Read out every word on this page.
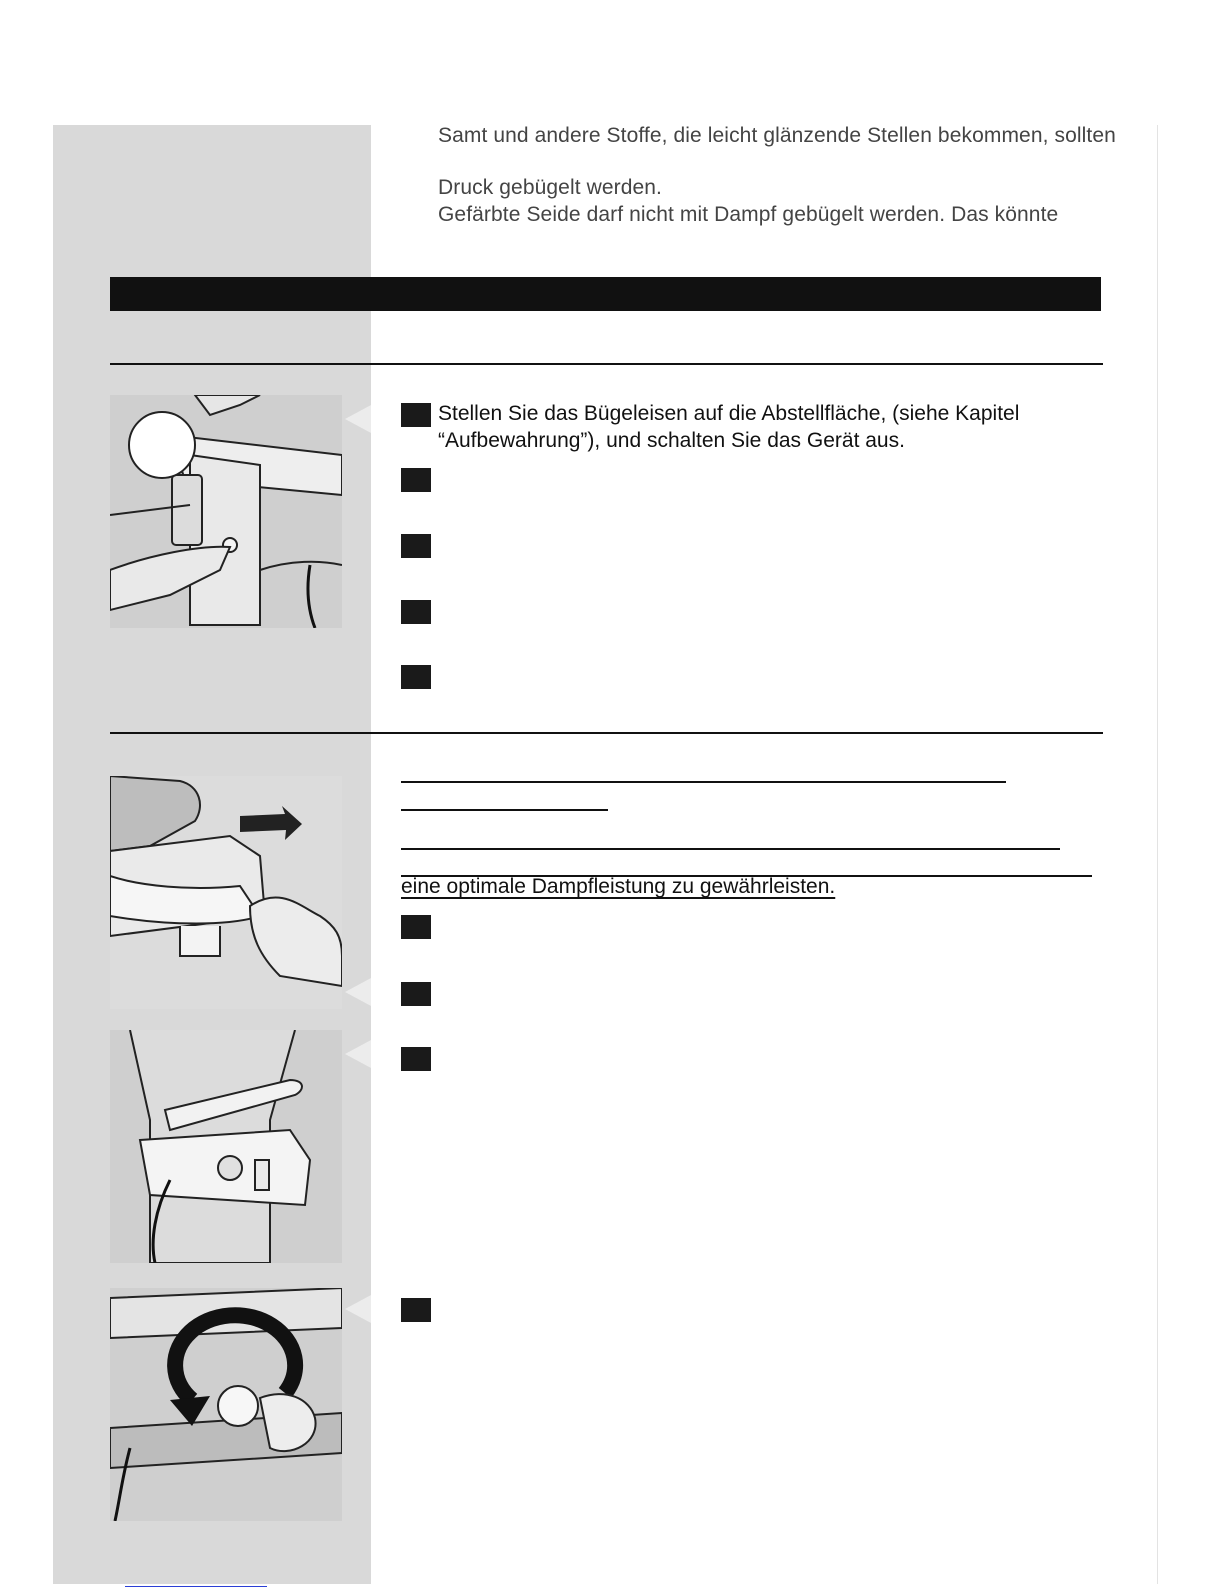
Samt und andere Stoffe, die leicht glänzende Stellen bekommen, sollten
Druck gebügelt werden.
Gefärbte Seide darf nicht mit Dampf gebügelt werden. Das könnte
Stellen Sie das Bügeleisen auf die Abstellfläche, (siehe Kapitel
“Aufbewahrung”), und schalten Sie das Gerät aus.
eine optimale Dampfleistung zu gewährleisten.
